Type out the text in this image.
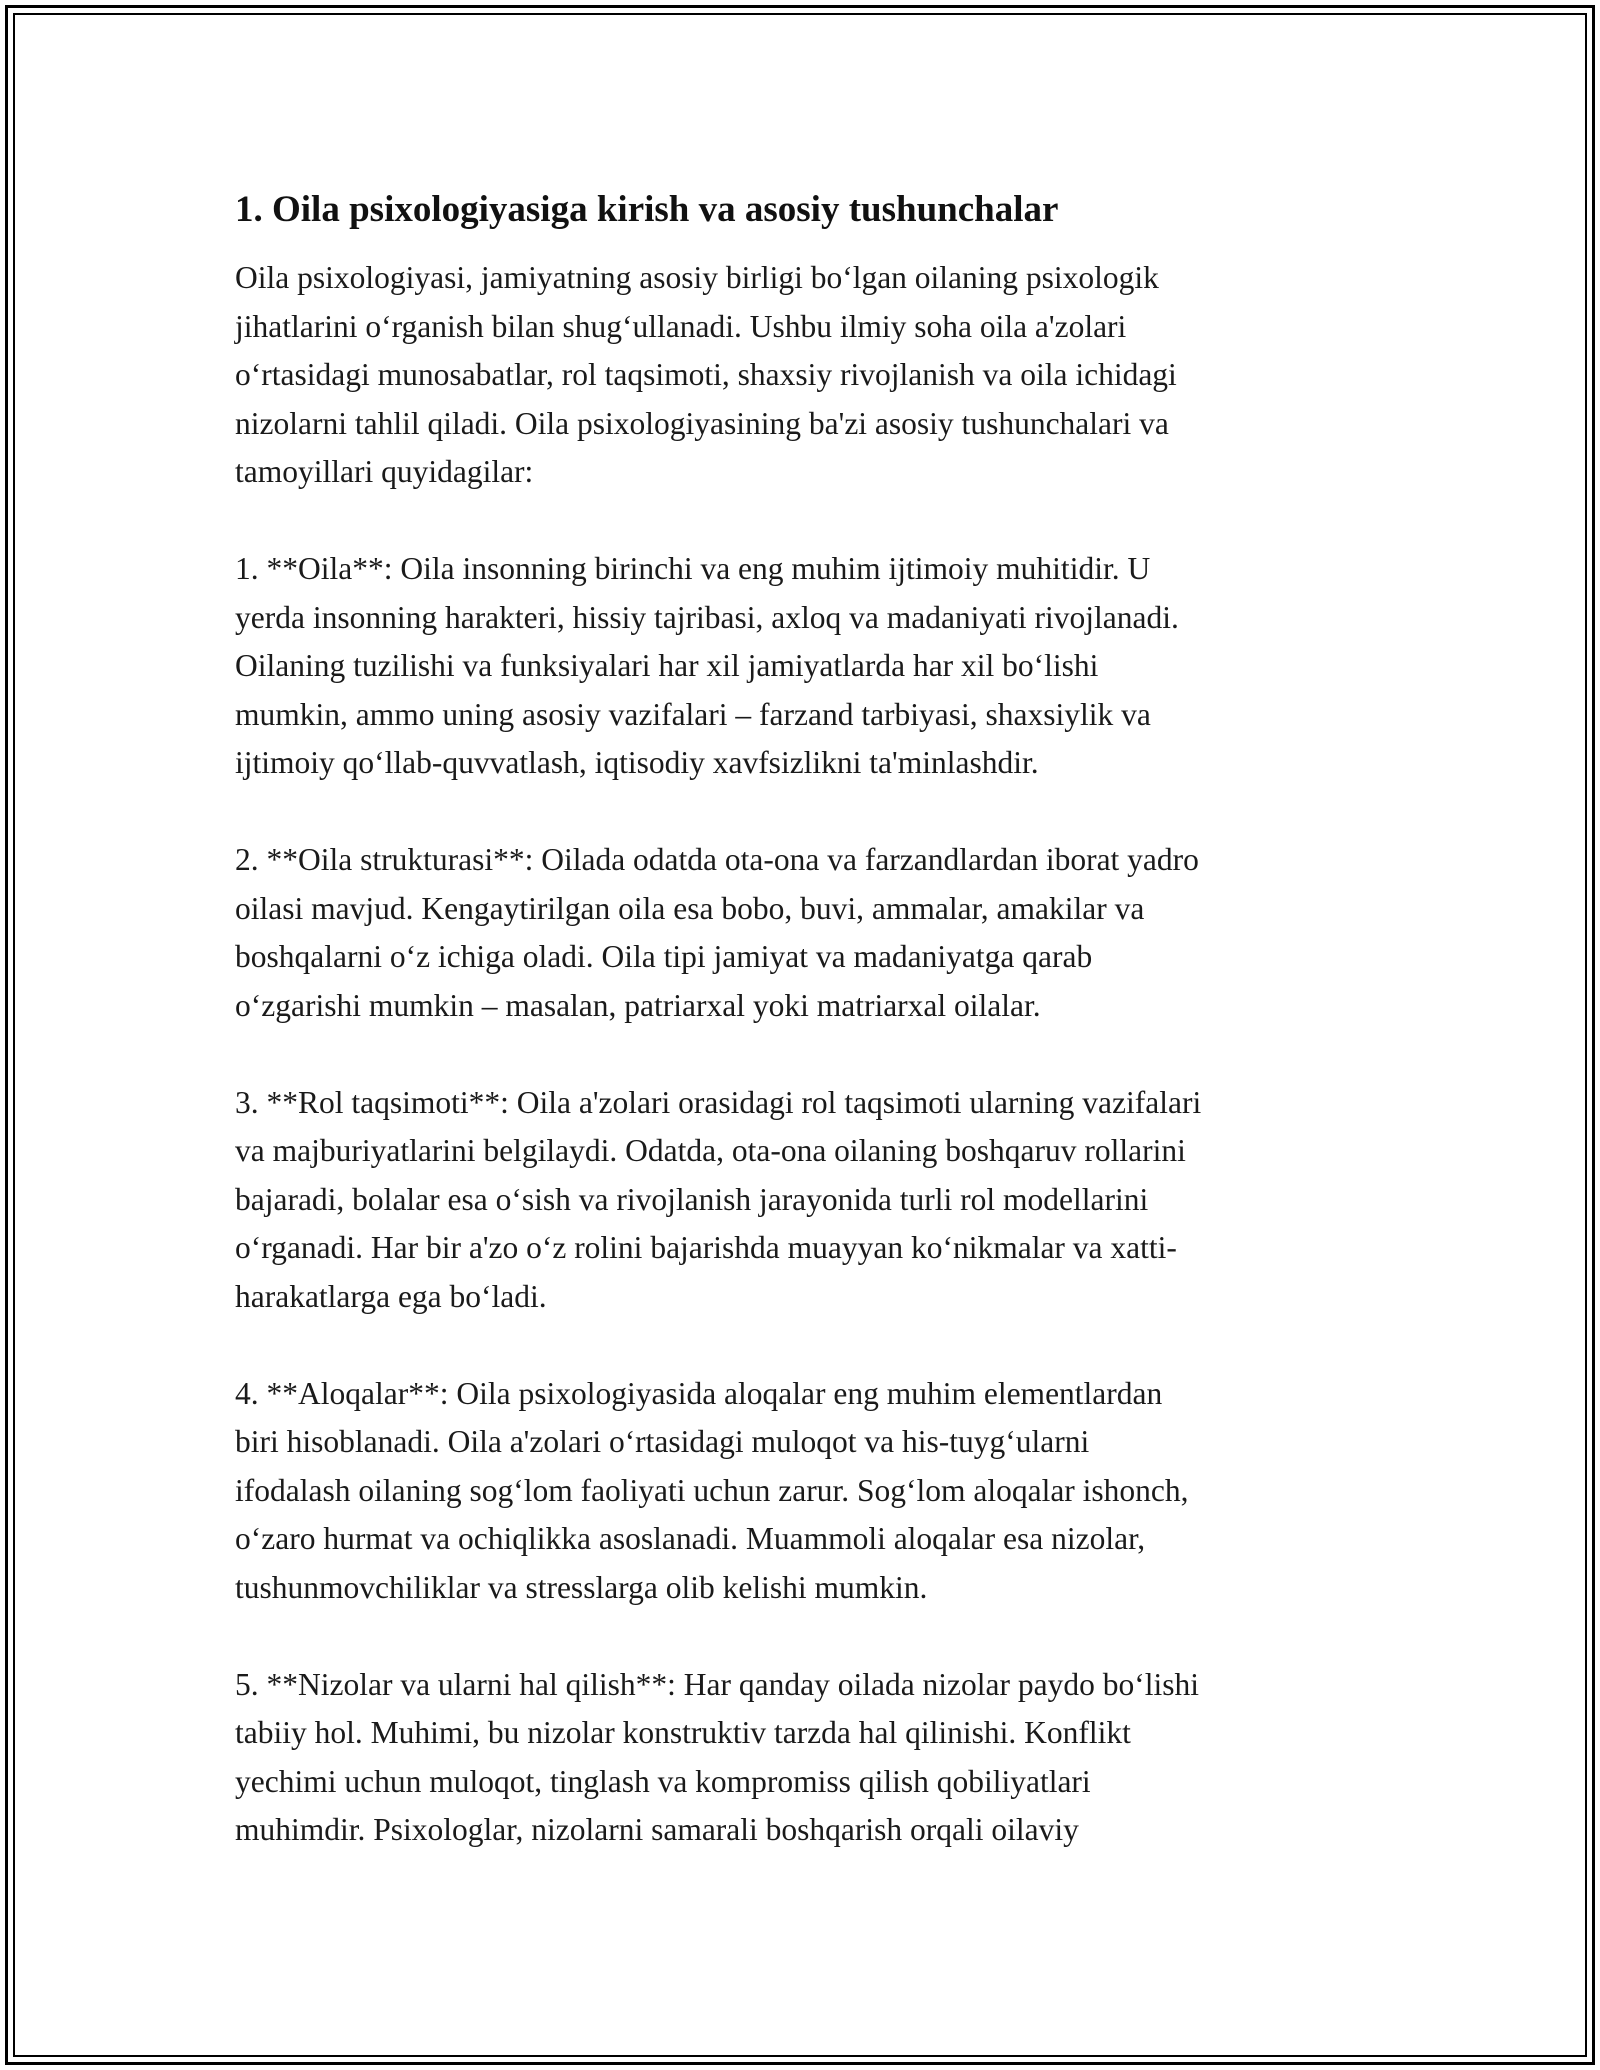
1. Oila psixologiyasiga kirish va asosiy tushunchalar

Oila psixologiyasi, jamiyatning asosiy birligi bo‘lgan oilaning psixologik
jihatlarini o‘rganish bilan shug‘ullanadi. Ushbu ilmiy soha oila a'zolari
o‘rtasidagi munosabatlar, rol taqsimoti, shaxsiy rivojlanish va oila ichidagi
nizolarni tahlil qiladi. Oila psixologiyasining ba'zi asosiy tushunchalari va
tamoyillari quyidagilar:

1. **Oila**: Oila insonning birinchi va eng muhim ijtimoiy muhitidir. U
yerda insonning harakteri, hissiy tajribasi, axloq va madaniyati rivojlanadi.
Oilaning tuzilishi va funksiyalari har xil jamiyatlarda har xil bo‘lishi
mumkin, ammo uning asosiy vazifalari – farzand tarbiyasi, shaxsiylik va
ijtimoiy qo‘llab-quvvatlash, iqtisodiy xavfsizlikni ta'minlashdir.

2. **Oila strukturasi**: Oilada odatda ota-ona va farzandlardan iborat yadro
oilasi mavjud. Kengaytirilgan oila esa bobo, buvi, ammalar, amakilar va
boshqalarni o‘z ichiga oladi. Oila tipi jamiyat va madaniyatga qarab
o‘zgarishi mumkin – masalan, patriarxal yoki matriarxal oilalar.

3. **Rol taqsimoti**: Oila a'zolari orasidagi rol taqsimoti ularning vazifalari
va majburiyatlarini belgilaydi. Odatda, ota-ona oilaning boshqaruv rollarini
bajaradi, bolalar esa o‘sish va rivojlanish jarayonida turli rol modellarini
o‘rganadi. Har bir a'zo o‘z rolini bajarishda muayyan ko‘nikmalar va xatti-
harakatlarga ega bo‘ladi.

4. **Aloqalar**: Oila psixologiyasida aloqalar eng muhim elementlardan
biri hisoblanadi. Oila a'zolari o‘rtasidagi muloqot va his-tuyg‘ularni
ifodalash oilaning sog‘lom faoliyati uchun zarur. Sog‘lom aloqalar ishonch,
o‘zaro hurmat va ochiqlikka asoslanadi. Muammoli aloqalar esa nizolar,
tushunmovchiliklar va stresslarga olib kelishi mumkin.

5. **Nizolar va ularni hal qilish**: Har qanday oilada nizolar paydo bo‘lishi
tabiiy hol. Muhimi, bu nizolar konstruktiv tarzda hal qilinishi. Konflikt
yechimi uchun muloqot, tinglash va kompromiss qilish qobiliyatlari
muhimdir. Psixologlar, nizolarni samarali boshqarish orqali oilaviy
